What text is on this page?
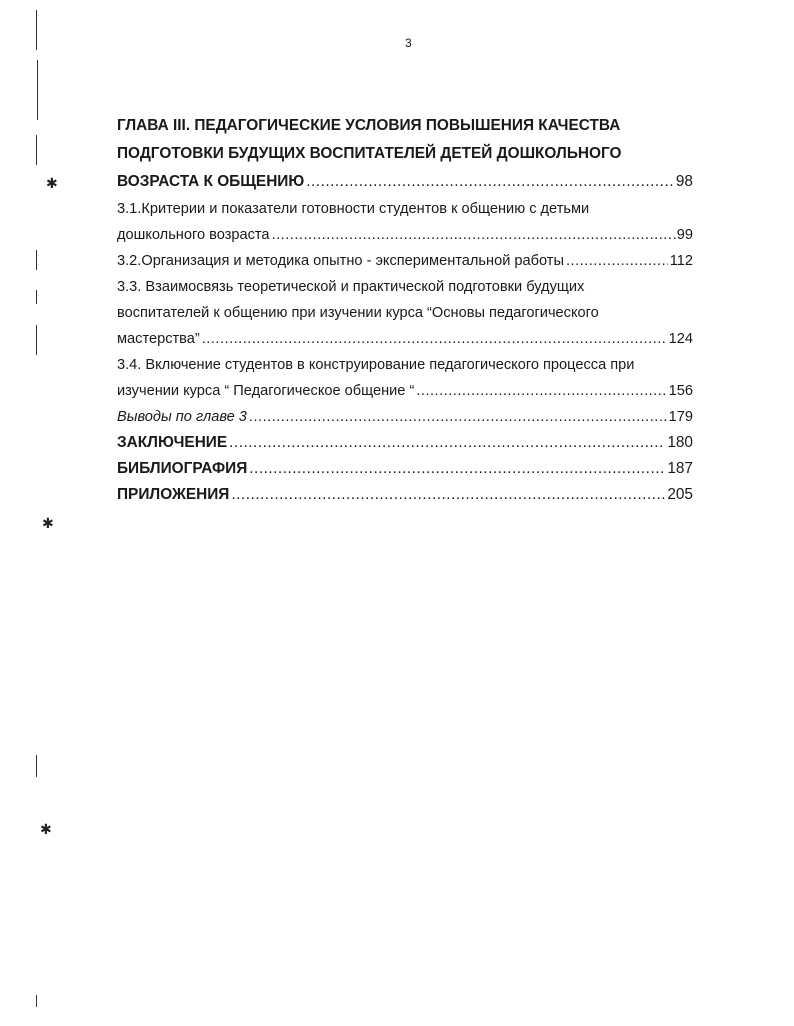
3
✱
✱
✱
ГЛАВА III. ПЕДАГОГИЧЕСКИЕ УСЛОВИЯ ПОВЫШЕНИЯ КАЧЕСТВА
ПОДГОТОВКИ БУДУЩИХ ВОСПИТАТЕЛЕЙ ДЕТЕЙ ДОШКОЛЬНОГО
ВОЗРАСТА К ОБЩЕНИЮ .....	98
3.1.Критерии и показатели готовности студентов к общению с детьми
дошкольного возраста .....	.99
3.2.Организация и методика опытно - экспериментальной работы .....	112
3.3. Взаимосвязь теоретической и практической подготовки будущих
воспитателей к общению при изучении курса “Основы педагогического
мастерства” .....	124
3.4. Включение студентов в конструирование педагогического процесса при
изучении курса “ Педагогическое общение “ .....	156
Выводы по главе 3 .....	179
ЗАКЛЮЧЕНИЕ .....	180
БИБЛИОГРАФИЯ .....	187
ПРИЛОЖЕНИЯ .....	205
